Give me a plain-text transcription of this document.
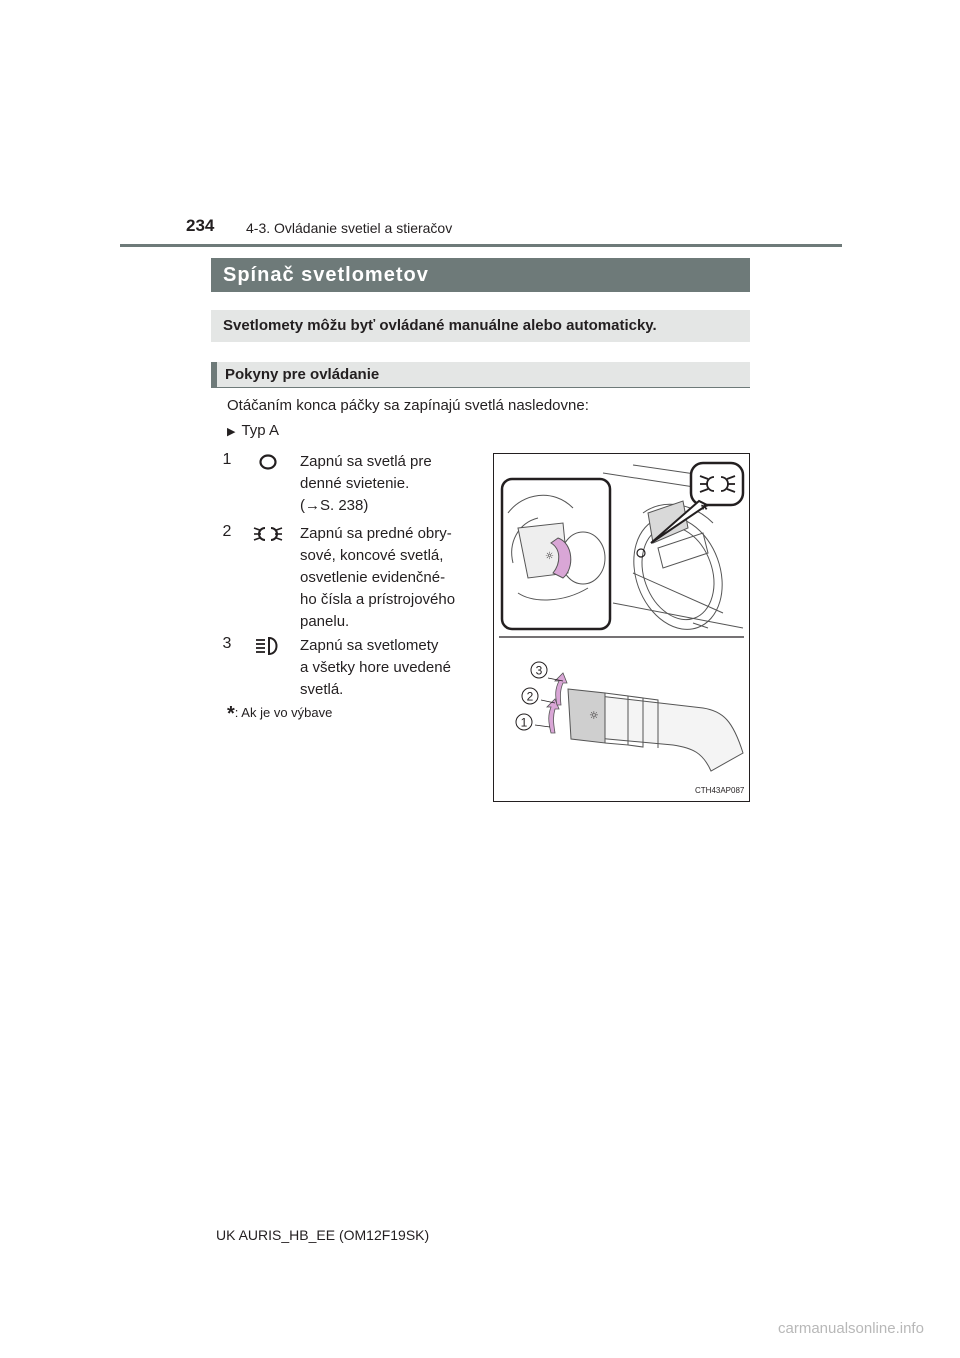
234 4-3. Ovládanie svetiel a stieračov
Spínač svetlometov
Svetlomety môžu byť ovládané manuálne alebo automaticky.
Pokyny pre ovládanie
Otáčaním konca páčky sa zapínajú svetlá nasledovne:
▶ Typ A
1	Zapnú sa svetlá pre
denné svietenie.
(→S. 238)
2	Zapnú sa predné obry-
sové, koncové svetlá,
osvetlenie evidenčné-
ho čísla a prístrojového
panelu.
3	Zapnú sa svetlomety
a všetky hore uvedené
svetlá.
*: Ak je vo výbave
*
☼
☼
3
2
1
CTH43AP087
UK AURIS_HB_EE (OM12F19SK)
carmanualsonline.info
